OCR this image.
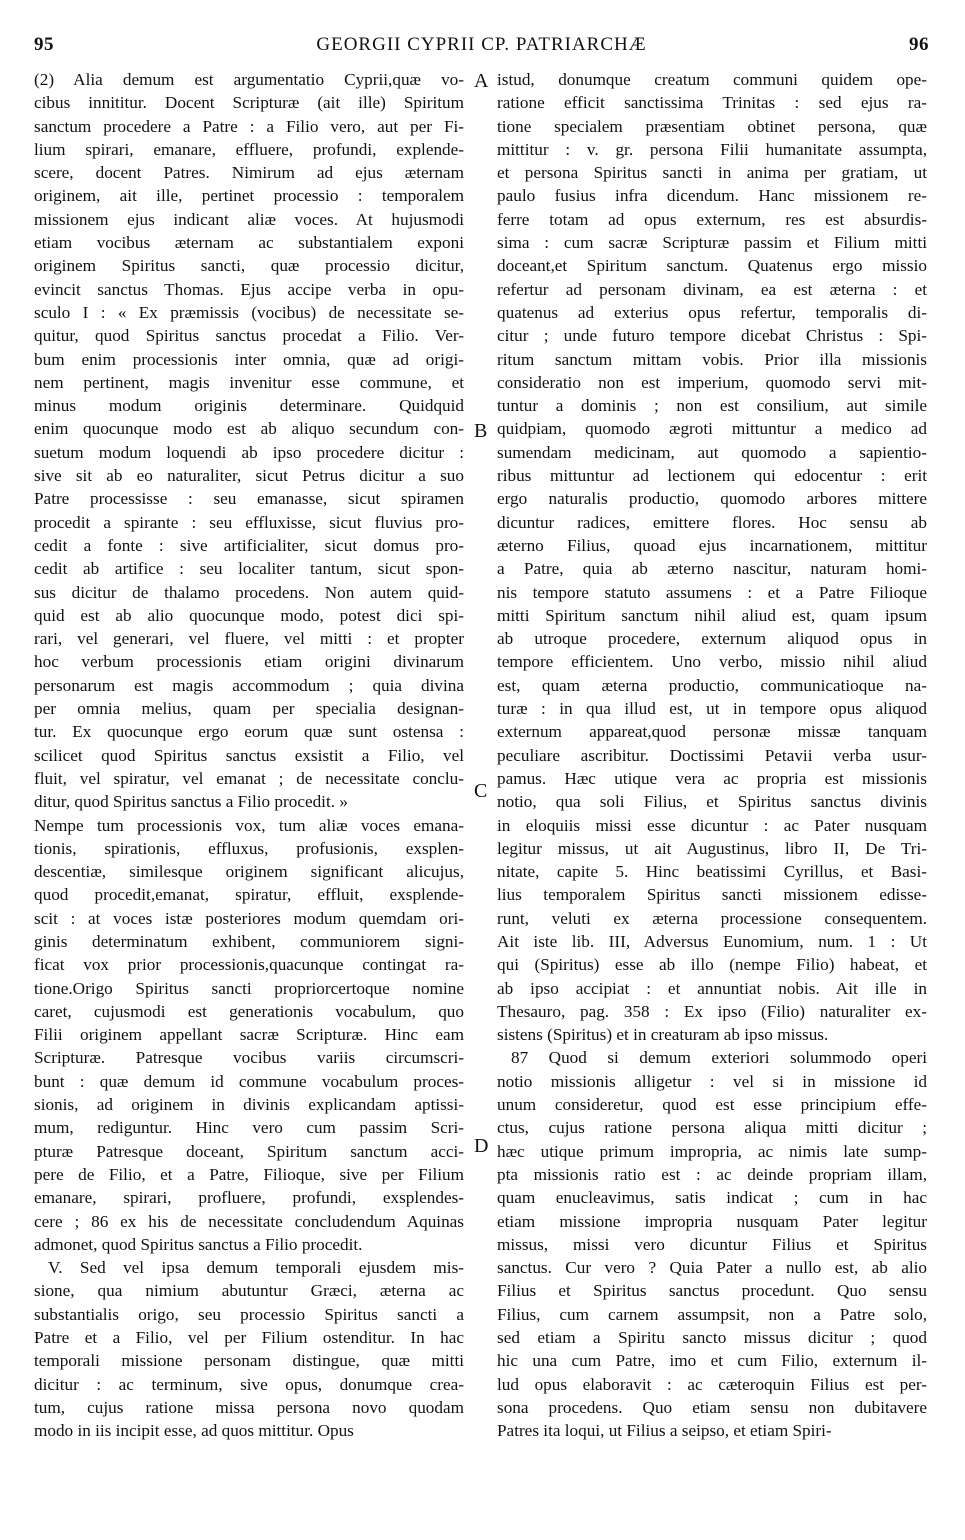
95	GEORGII CYPRII CP. PATRIARCHÆ	96
(2) Alia demum est argumentatio Cyprii,quæ vo-
cibus innititur. Docent Scripturæ (ait ille) Spiritum
sanctum procedere a Patre : a Filio vero, aut per Fi-
lium spirari, emanare, effluere, profundi, explende-
scere, docent Patres. Nimirum ad ejus æternam
originem, ait ille, pertinet processio : temporalem
missionem ejus indicant aliæ voces. At hujusmodi
etiam vocibus æternam ac substantialem exponi
originem Spiritus sancti, quæ processio dicitur,
evincit sanctus Thomas. Ejus accipe verba in opu-
sculo I : « Ex præmissis (vocibus) de necessitate se-
quitur, quod Spiritus sanctus procedat a Filio. Ver-
bum enim processionis inter omnia, quæ ad origi-
nem pertinent, magis invenitur esse commune, et
minus modum originis determinare. Quidquid
enim quocunque modo est ab aliquo secundum con-
suetum modum loquendi ab ipso procedere dicitur :
sive sit ab eo naturaliter, sicut Petrus dicitur a suo
Patre processisse : seu emanasse, sicut spiramen
procedit a spirante : seu effluxisse, sicut fluvius pro-
cedit a fonte : sive artificialiter, sicut domus pro-
cedit ab artifice : seu localiter tantum, sicut spon-
sus dicitur de thalamo procedens. Non autem quid-
quid est ab alio quocunque modo, potest dici spi-
rari, vel generari, vel fluere, vel mitti : et propter
hoc verbum processionis etiam origini divinarum
personarum est magis accommodum ; quia divina
per omnia melius, quam per specialia designan-
tur. Ex quocunque ergo eorum quæ sunt ostensa :
scilicet quod Spiritus sanctus exsistit a Filio, vel
fluit, vel spiratur, vel emanat ; de necessitate conclu-
ditur, quod Spiritus sanctus a Filio procedit. »
Nempe tum processionis vox, tum aliæ voces emana-
tionis, spirationis, effluxus, profusionis, exsplen-
descentiæ, similesque originem significant alicujus,
quod procedit,emanat, spiratur, effluit, exsplende-
scit : at voces istæ posteriores modum quemdam ori-
ginis determinatum exhibent, communiorem signi-
ficat vox prior processionis,quacunque contingat ra-
tione.Origo Spiritus sancti propriorcertoque nomine
caret, cujusmodi est generationis vocabulum, quo
Filii originem appellant sacræ Scripturæ. Hinc eam
Scripturæ. Patresque vocibus variis circumscri-
bunt : quæ demum id commune vocabulum proces-
sionis, ad originem in divinis explicandam aptissi-
mum, rediguntur. Hinc vero cum passim Scri-
pturæ Patresque doceant, Spiritum sanctum acci-
pere de Filio, et a Patre, Filioque, sive per Filium
emanare, spirari, profluere, profundi, exsplendes-
cere ; 86 ex his de necessitate concludendum Aquinas
admonet, quod Spiritus sanctus a Filio procedit.
V. Sed vel ipsa demum temporali ejusdem mis-
sione, qua nimium abutuntur Græci, æterna ac
substantialis origo, seu processio Spiritus sancti a
Patre et a Filio, vel per Filium ostenditur. In hac
temporali missione personam distingue, quæ mitti
dicitur : ac terminum, sive opus, donumque crea-
tum, cujus ratione missa persona novo quodam
modo in iis incipit esse, ad quos mittitur. Opus
istud, donumque creatum communi quidem ope-
ratione efficit sanctissima Trinitas : sed ejus ra-
tione specialem præsentiam obtinet persona, quæ
mittitur : v. gr. persona Filii humanitate assumpta,
et persona Spiritus sancti in anima per gratiam, ut
paulo fusius infra dicendum. Hanc missionem re-
ferre totam ad opus externum, res est absurdis-
sima : cum sacræ Scripturæ passim et Filium mitti
doceant,et Spiritum sanctum. Quatenus ergo missio
refertur ad personam divinam, ea est æterna : et
quatenus ad exterius opus refertur, temporalis di-
citur ; unde futuro tempore dicebat Christus : Spi-
ritum sanctum mittam vobis. Prior illa missionis
consideratio non est imperium, quomodo servi mit-
tuntur a dominis ; non est consilium, aut simile
quidpiam, quomodo ægroti mittuntur a medico ad
sumendam medicinam, aut quomodo a sapientio-
ribus mittuntur ad lectionem qui edocentur : erit
ergo naturalis productio, quomodo arbores mittere
dicuntur radices, emittere flores. Hoc sensu ab
æterno Filius, quoad ejus incarnationem, mittitur
a Patre, quia ab æterno nascitur, naturam homi-
nis tempore statuto assumens : et a Patre Filioque
mitti Spiritum sanctum nihil aliud est, quam ipsum
ab utroque procedere, externum aliquod opus in
tempore efficientem. Uno verbo, missio nihil aliud
est, quam æterna productio, communicatioque na-
turæ : in qua illud est, ut in tempore opus aliquod
externum appareat,quod personæ missæ tanquam
peculiare ascribitur. Doctissimi Petavii verba usur-
pamus. Hæc utique vera ac propria est missionis
notio, qua soli Filius, et Spiritus sanctus divinis
in eloquiis missi esse dicuntur : ac Pater nusquam
legitur missus, ut ait Augustinus, libro II, De Tri-
nitate, capite 5. Hinc beatissimi Cyrillus, et Basi-
lius temporalem Spiritus sancti missionem edisse-
runt, veluti ex æterna processione consequentem.
Ait iste lib. III, Adversus Eunomium, num. 1 : Ut
qui (Spiritus) esse ab illo (nempe Filio) habeat, et
ab ipso accipiat : et annuntiat nobis. Ait ille in
Thesauro, pag. 358 : Ex ipso (Filio) naturaliter ex-
sistens (Spiritus) et in creaturam ab ipso missus.
87 Quod si demum exteriori solummodo operi
notio missionis alligetur : vel si in missione id
unum consideretur, quod est esse principium effe-
ctus, cujus ratione persona aliqua mitti dicitur ;
hæc utique primum impropria, ac nimis late sump-
pta missionis ratio est : ac deinde propriam illam,
quam enucleavimus, satis indicat ; cum in hac
etiam missione impropria nusquam Pater legitur
missus, missi vero dicuntur Filius et Spiritus
sanctus. Cur vero ? Quia Pater a nullo est, ab alio
Filius et Spiritus sanctus procedunt. Quo sensu
Filius, cum carnem assumpsit, non a Patre solo,
sed etiam a Spiritu sancto missus dicitur ; quod
hic una cum Patre, imo et cum Filio, externum il-
lud opus elaboravit : ac cæteroquin Filius est per-
sona procedens. Quo etiam sensu non dubitavere
Patres ita loqui, ut Filius a seipso, et etiam Spiri-
A
B
C
D
